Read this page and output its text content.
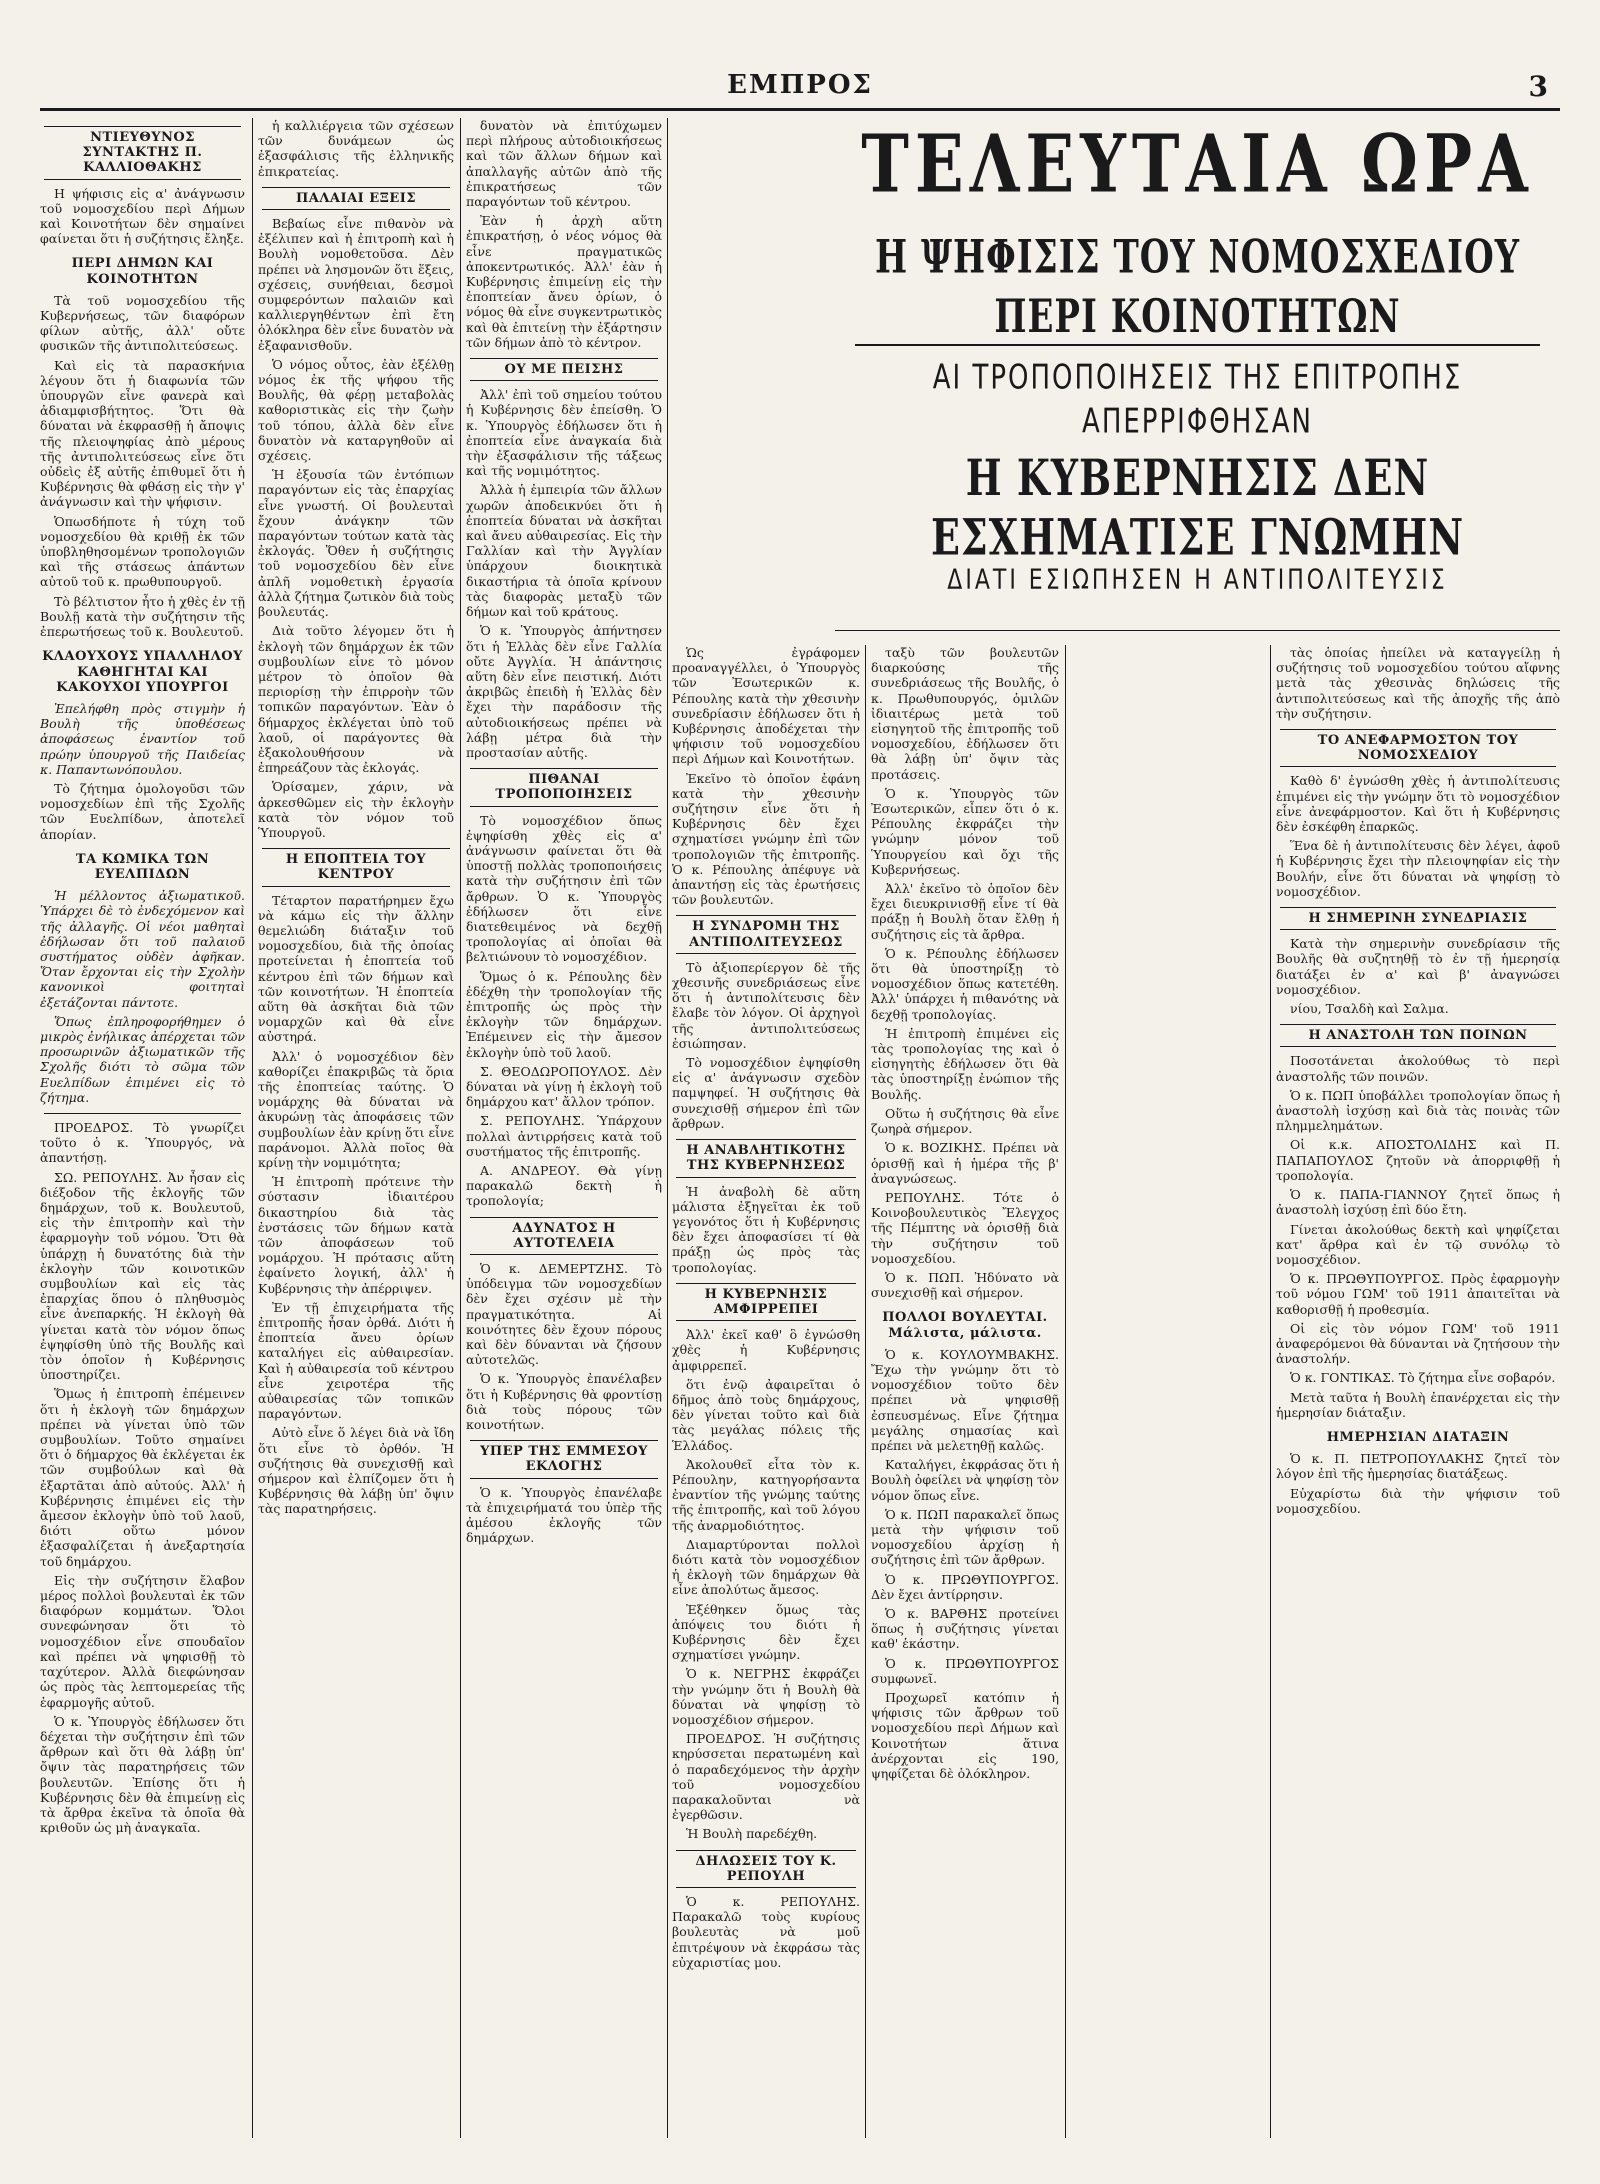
ΕΜΠΡΟΣ	3
ΤΕΛΕΥΤΑΙΑ ΩΡΑ
Η ΨΗΦΙΣΙΣ ΤΟΥ ΝΟΜΟΣΧΕΔΙΟΥ ΠΕΡΙ ΚΟΙΝΟΤΗΤΩΝ
ΑΙ ΤΡΟΠΟΠΟΙΗΣΕΙΣ ΤΗΣ ΕΠΙΤΡΟΠΗΣ ΑΠΕΡΡΙΦΘΗΣΑΝ
Η ΚΥΒΕΡΝΗΣΙΣ ΔΕΝ ΕΣΧΗΜΑΤΙΣΕ ΓΝΩΜΗΝ
ΔΙΑΤΙ ΕΣΙΩΠΗΣΕΝ Η ΑΝΤΙΠΟΛΙΤΕΥΣΙΣ
ΝΤΙΕΥΘΥΝΟΣ ΣΥΝΤΑΚΤΗΣ Π. ΚΑΛΛΙΟΘΑΚΗΣ

Η ψήφισις εἰς α' ἀνάγνωσιν τοῦ νομοσχεδίου περὶ Δήμων καὶ Κοινοτήτων δὲν σημαίνει φαίνεται ὅτι ἡ συζήτησις ἔληξε.

ΠΕΡΙ ΔΗΜΩΝ ΚΑΙ ΚΟΙΝΟΤΗΤΩΝ

Τὰ τοῦ νομοσχεδίου τῆς Κυβερνήσεως, τῶν διαφόρων φίλων αὐτῆς, ἀλλ' οὔτε φυσικῶν τῆς ἀντιπολιτεύσεως.

Καὶ εἰς τὰ παρασκήνια λέγουν ὅτι ἡ διαφωνία τῶν ὑπουργῶν εἶνε φανερὰ καὶ ἀδιαμφισβήτητος. Ὅτι θὰ δύναται νὰ ἐκφρασθῇ ἡ ἄποψις τῆς πλειοψηφίας ἀπὸ μέρους τῆς ἀντιπολιτεύσεως εἶνε ὅτι οὐδεὶς ἐξ αὐτῆς ἐπιθυμεῖ ὅτι ἡ Κυβέρνησις θὰ φθάσῃ εἰς τὴν γ' ἀνάγνωσιν καὶ τὴν ψήφισιν.

Ὁπωσδήποτε ἡ τύχη τοῦ νομοσχεδίου θὰ κριθῇ ἐκ τῶν ὑποβληθησομένων τροπολογιῶν καὶ τῆς στάσεως ἁπάντων αὐτοῦ τοῦ κ. πρωθυπουργοῦ.

Τὸ βέλτιστον ἦτο ἡ χθὲς ἐν τῇ Βουλῇ κατὰ τὴν συζήτησιν τῆς ἐπερωτήσεως τοῦ κ. Βουλευτοῦ.

ΚΛΑΟΥΧΟΥΣ ΥΠΑΛΛΗΛΟΥ ΚΑΘΗΓΗΤΑΙ ΚΑΙ ΚΑΚΟΥΧΟΙ ΥΠΟΥΡΓΟΙ

Ἐπελήφθη πρὸς στιγμὴν ἡ Βουλὴ τῆς ὑποθέσεως ἀποφάσεως ἐναντίον τοῦ πρώην ὑπουργοῦ τῆς Παιδείας κ. Παπαντωνόπουλου.

Τὸ ζήτημα ὁμολογοῦσι τῶν νομοσχεδίων ἐπὶ τῆς Σχολῆς τῶν Ευελπίδων, ἀποτελεῖ ἀπορίαν.

ΤΑ ΚΩΜΙΚΑ ΤΩΝ ΕΥΕΛΠΙΔΩΝ

Ἡ μέλλοντος ἀξιωματικοῦ. Ὑπάρχει δὲ τὸ ἐνδεχόμενον καὶ τῆς ἀλλαγῆς. Οἱ νέοι μαθηταὶ ἐδήλωσαν ὅτι τοῦ παλαιοῦ συστήματος οὐδὲν ἀφῆκαν. Ὅταν ἔρχονται εἰς τὴν Σχολὴν κανονικοὶ φοιτηταὶ ἐξετάζονται πάντοτε.

Ὅπως ἐπληροφορήθημεν ὁ μικρὸς ἐνήλικας ἀπέρχεται τῶν προσωρινῶν ἀξιωματικῶν τῆς Σχολῆς διότι τὸ σῶμα τῶν Ευελπίδων ἐπιμένει εἰς τὸ ζήτημα.

ΠΡΟΕΔΡΟΣ. Τὸ γνωρίζει τοῦτο ὁ κ. Ὑπουργός, νὰ ἀπαντήσῃ.

ΣΩ. ΡΕΠΟΥΛΗΣ. Ἀν ἦσαν εἰς διέξοδον τῆς ἐκλογῆς τῶν δημάρχων, τοῦ κ. Βουλευτοῦ, εἰς τὴν ἐπιτροπὴν καὶ τὴν ἐφαρμογὴν τοῦ νόμου. Ὅτι θὰ ὑπάρχῃ ἡ δυνατότης διὰ τὴν ἐκλογὴν τῶν κοινοτικῶν συμβουλίων καὶ εἰς τὰς ἐπαρχίας ὅπου ὁ πληθυσμὸς εἶνε ἀνεπαρκής. Ἡ ἐκλογὴ θὰ γίνεται κατὰ τὸν νόμον ὅπως ἐψηφίσθη ὑπὸ τῆς Βουλῆς καὶ τὸν ὁποῖον ἡ Κυβέρνησις ὑποστηρίζει.

Ὅμως ἡ ἐπιτροπὴ ἐπέμεινεν ὅτι ἡ ἐκλογὴ τῶν δημάρχων πρέπει νὰ γίνεται ὑπὸ τῶν συμβουλίων. Τοῦτο σημαίνει ὅτι ὁ δήμαρχος θὰ ἐκλέγεται ἐκ τῶν συμβούλων καὶ θὰ ἐξαρτᾶται ἀπὸ αὐτούς. Ἀλλ' ἡ Κυβέρνησις ἐπιμένει εἰς τὴν ἄμεσον ἐκλογὴν ὑπὸ τοῦ λαοῦ, διότι οὕτω μόνον ἐξασφαλίζεται ἡ ἀνεξαρτησία τοῦ δημάρχου.

Εἰς τὴν συζήτησιν ἔλαβον μέρος πολλοὶ βουλευταὶ ἐκ τῶν διαφόρων κομμάτων. Ὅλοι συνεφώνησαν ὅτι τὸ νομοσχέδιον εἶνε σπουδαῖον καὶ πρέπει νὰ ψηφισθῇ τὸ ταχύτερον. Ἀλλὰ διεφώνησαν ὡς πρὸς τὰς λεπτομερείας τῆς ἐφαρμογῆς αὐτοῦ.

Ὁ κ. Ὑπουργὸς ἐδήλωσεν ὅτι δέχεται τὴν συζήτησιν ἐπὶ τῶν ἄρθρων καὶ ὅτι θὰ λάβῃ ὑπ' ὄψιν τὰς παρατηρήσεις τῶν βουλευτῶν. Ἐπίσης ὅτι ἡ Κυβέρνησις δὲν θὰ ἐπιμείνῃ εἰς τὰ ἄρθρα ἐκεῖνα τὰ ὁποῖα θὰ κριθοῦν ὡς μὴ ἀναγκαῖα.

ἡ καλλιέργεια τῶν σχέσεων τῶν δυνάμεων ὡς ἐξασφάλισις τῆς ἐλληνικῆς ἐπικρατείας.

ΠΑΛΑΙΑΙ ΕΞΕΙΣ

Βεβαίως εἶνε πιθανὸν νὰ ἐξέλιπεν καὶ ἡ ἐπιτροπὴ καὶ ἡ Βουλὴ νομοθετοῦσα. Δὲν πρέπει νὰ λησμονῶν ὅτι ἕξεις, σχέσεις, συνήθειαι, δεσμοὶ συμφερόντων παλαιῶν καὶ καλλιεργηθέντων ἐπὶ ἔτη ὁλόκληρα δὲν εἶνε δυνατὸν νὰ ἐξαφανισθοῦν.

Ὁ νόμος οὗτος, ἐὰν ἐξέλθῃ νόμος ἐκ τῆς ψήφου τῆς Βουλῆς, θὰ φέρῃ μεταβολὰς καθοριστικὰς εἰς τὴν ζωὴν τοῦ τόπου, ἀλλὰ δὲν εἶνε δυνατὸν νὰ καταργηθοῦν αἱ σχέσεις.

Ἡ ἐξουσία τῶν ἐντόπιων παραγόντων εἰς τὰς ἐπαρχίας εἶνε γνωστή. Οἱ βουλευταὶ ἔχουν ἀνάγκην τῶν παραγόντων τούτων κατὰ τὰς ἐκλογάς. Ὅθεν ἡ συζήτησις τοῦ νομοσχεδίου δὲν εἶνε ἀπλῆ νομοθετικὴ ἐργασία ἀλλὰ ζήτημα ζωτικὸν διὰ τοὺς βουλευτάς.

Διὰ τοῦτο λέγομεν ὅτι ἡ ἐκλογὴ τῶν δημάρχων ἐκ τῶν συμβουλίων εἶνε τὸ μόνον μέτρον τὸ ὁποῖον θὰ περιορίσῃ τὴν ἐπιρροὴν τῶν τοπικῶν παραγόντων. Ἐὰν ὁ δήμαρχος ἐκλέγεται ὑπὸ τοῦ λαοῦ, οἱ παράγοντες θὰ ἐξακολουθήσουν νὰ ἐπηρεάζουν τὰς ἐκλογάς.

Ὁρίσαμεν, χάριν, νὰ ἀρκεσθῶμεν εἰς τὴν ἐκλογὴν κατὰ τὸν νόμον τοῦ Ὑπουργοῦ.

Η ΕΠΟΠΤΕΙΑ ΤΟΥ ΚΕΝΤΡΟΥ

Τέταρτον παρατήρημεν ἔχω νὰ κάμω εἰς τὴν ἄλλην θεμελιώδη διάταξιν τοῦ νομοσχεδίου, διὰ τῆς ὁποίας προτείνεται ἡ ἐποπτεία τοῦ κέντρου ἐπὶ τῶν δήμων καὶ τῶν κοινοτήτων. Ἡ ἐποπτεία αὕτη θὰ ἀσκῆται διὰ τῶν νομαρχῶν καὶ θὰ εἶνε αὐστηρά.

Ἀλλ' ὁ νομοσχέδιον δὲν καθορίζει ἐπακριβῶς τὰ ὅρια τῆς ἐποπτείας ταύτης. Ὁ νομάρχης θὰ δύναται νὰ ἀκυρώνῃ τὰς ἀποφάσεις τῶν συμβουλίων ἐὰν κρίνῃ ὅτι εἶνε παράνομοι. Ἀλλὰ ποῖος θὰ κρίνῃ τὴν νομιμότητα;

Ἡ ἐπιτροπὴ πρότεινε τὴν σύστασιν ἰδιαιτέρου δικαστηρίου διὰ τὰς ἐνστάσεις τῶν δήμων κατὰ τῶν ἀποφάσεων τοῦ νομάρχου. Ἡ πρότασις αὕτη ἐφαίνετο λογική, ἀλλ' ἡ Κυβέρνησις τὴν ἀπέρριψεν.

Ἐν τῇ ἐπιχειρήματα τῆς ἐπιτροπῆς ἦσαν ὀρθά. Διότι ἡ ἐποπτεία ἄνευ ὁρίων καταλήγει εἰς αὐθαιρεσίαν. Καὶ ἡ αὐθαιρεσία τοῦ κέντρου εἶνε χειροτέρα τῆς αὐθαιρεσίας τῶν τοπικῶν παραγόντων.

Αὐτὸ εἶνε ὅ λέγει διὰ νὰ ἴδη ὅτι εἶνε τὸ ὀρθόν. Ἡ συζήτησις θὰ συνεχισθῇ καὶ σήμερον καὶ ἐλπίζομεν ὅτι ἡ Κυβέρνησις θὰ λάβῃ ὑπ' ὄψιν τὰς παρατηρήσεις.

δυνατὸν νὰ ἐπιτύχωμεν περὶ πλήρους αὐτοδιοικήσεως καὶ τῶν ἄλλων δήμων καὶ ἀπαλλαγῆς αὐτῶν ἀπὸ τῆς ἐπικρατήσεως τῶν παραγόντων τοῦ κέντρου.

Ἐὰν ἡ ἀρχὴ αὕτη ἐπικρατήσῃ, ὁ νέος νόμος θὰ εἶνε πραγματικῶς ἀποκεντρωτικός. Ἀλλ' ἐὰν ἡ Κυβέρνησις ἐπιμείνῃ εἰς τὴν ἐποπτείαν ἄνευ ὁρίων, ὁ νόμος θὰ εἶνε συγκεντρωτικὸς καὶ θὰ ἐπιτείνῃ τὴν ἐξάρτησιν τῶν δήμων ἀπὸ τὸ κέντρον.

ΟΥ ΜΕ ΠΕΙΣΗΣ

Ἀλλ' ἐπὶ τοῦ σημείου τούτου ἡ Κυβέρνησις δὲν ἐπείσθη. Ὁ κ. Ὑπουργὸς ἐδήλωσεν ὅτι ἡ ἐποπτεία εἶνε ἀναγκαία διὰ τὴν ἐξασφάλισιν τῆς τάξεως καὶ τῆς νομιμότητος.

Ἀλλὰ ἡ ἐμπειρία τῶν ἄλλων χωρῶν ἀποδεικνύει ὅτι ἡ ἐποπτεία δύναται νὰ ἀσκῆται καὶ ἄνευ αὐθαιρεσίας. Εἰς τὴν Γαλλίαν καὶ τὴν Ἀγγλίαν ὑπάρχουν διοικητικὰ δικαστήρια τὰ ὁποῖα κρίνουν τὰς διαφορὰς μεταξὺ τῶν δήμων καὶ τοῦ κράτους.

Ὁ κ. Ὑπουργὸς ἀπήντησεν ὅτι ἡ Ἑλλὰς δὲν εἶνε Γαλλία οὔτε Ἀγγλία. Ἡ ἀπάντησις αὕτη δὲν εἶνε πειστική. Διότι ἀκριβῶς ἐπειδὴ ἡ Ἑλλὰς δὲν ἔχει τὴν παράδοσιν τῆς αὐτοδιοικήσεως πρέπει νὰ λάβῃ μέτρα διὰ τὴν προστασίαν αὐτῆς.

ΠΙΘΑΝΑΙ ΤΡΟΠΟΠΟΙΗΣΕΙΣ

Τὸ νομοσχέδιον ὅπως ἐψηφίσθη χθὲς εἰς α' ἀνάγνωσιν φαίνεται ὅτι θὰ ὑποστῇ πολλὰς τροποποιήσεις κατὰ τὴν συζήτησιν ἐπὶ τῶν ἄρθρων. Ὁ κ. Ὑπουργὸς ἐδήλωσεν ὅτι εἶνε διατεθειμένος νὰ δεχθῇ τροπολογίας αἱ ὁποῖαι θὰ βελτιώνουν τὸ νομοσχέδιον.

Ὅμως ὁ κ. Ρέπουλης δὲν ἐδέχθη τὴν τροπολογίαν τῆς ἐπιτροπῆς ὡς πρὸς τὴν ἐκλογὴν τῶν δημάρχων. Ἐπέμεινεν εἰς τὴν ἄμεσον ἐκλογὴν ὑπὸ τοῦ λαοῦ.

Σ. ΘΕΟΔΩΡΟΠΟΥΛΟΣ. Δὲν δύναται νὰ γίνῃ ἡ ἐκλογὴ τοῦ δημάρχου κατ' ἄλλον τρόπον.

Σ. ΡΕΠΟΥΛΗΣ. Ὑπάρχουν πολλαὶ ἀντιρρήσεις κατὰ τοῦ συστήματος τῆς ἐπιτροπῆς.

Α. ΑΝΔΡΕΟΥ. Θὰ γίνῃ παρακαλῶ δεκτὴ ἡ τροπολογία;

ΑΔΥΝΑΤΟΣ Η ΑΥΤΟΤΕΛΕΙΑ

Ὁ κ. ΔΕΜΕΡΤΖΗΣ. Τὸ ὑπόδειγμα τῶν νομοσχεδίων δὲν ἔχει σχέσιν μὲ τὴν πραγματικότητα. Αἱ κοινότητες δὲν ἔχουν πόρους καὶ δὲν δύνανται νὰ ζήσουν αὐτοτελῶς.

Ὁ κ. Ὑπουργὸς ἐπανέλαβεν ὅτι ἡ Κυβέρνησις θὰ φροντίσῃ διὰ τοὺς πόρους τῶν κοινοτήτων.

ΥΠΕΡ ΤΗΣ ΕΜΜΕΣΟΥ ΕΚΛΟΓΗΣ

Ὁ κ. Ὑπουργὸς ἐπανέλαβε τὰ ἐπιχειρήματά του ὑπὲρ τῆς ἀμέσου ἐκλογῆς τῶν δημάρχων.

Ὡς ἐγράφομεν προαναγγέλλει, ὁ Ὑπουργὸς τῶν Ἐσωτερικῶν κ. Ρέπουλης κατὰ τὴν χθεσινὴν συνεδρίασιν ἐδήλωσεν ὅτι ἡ Κυβέρνησις ἀποδέχεται τὴν ψήφισιν τοῦ νομοσχεδίου περὶ Δήμων καὶ Κοινοτήτων.

Ἐκεῖνο τὸ ὁποῖον ἐφάνη κατὰ τὴν χθεσινὴν συζήτησιν εἶνε ὅτι ἡ Κυβέρνησις δὲν ἔχει σχηματίσει γνώμην ἐπὶ τῶν τροπολογιῶν τῆς ἐπιτροπῆς. Ὁ κ. Ρέπουλης ἀπέφυγε νὰ ἀπαντήσῃ εἰς τὰς ἐρωτήσεις τῶν βουλευτῶν.

Η ΣΥΝΔΡΟΜΗ ΤΗΣ ΑΝΤΙΠΟΛΙΤΕΥΣΕΩΣ

Τὸ ἀξιοπερίεργον δὲ τῆς χθεσινῆς συνεδριάσεως εἶνε ὅτι ἡ ἀντιπολίτευσις δὲν ἔλαβε τὸν λόγον. Οἱ ἀρχηγοὶ τῆς ἀντιπολιτεύσεως ἐσιώπησαν.

Τὸ νομοσχέδιον ἐψηφίσθη εἰς α' ἀνάγνωσιν σχεδὸν παμψηφεί. Ἡ συζήτησις θὰ συνεχισθῇ σήμερον ἐπὶ τῶν ἄρθρων.

Η ΑΝΑΒΛΗΤΙΚΟΤΗΣ ΤΗΣ ΚΥΒΕΡΝΗΣΕΩΣ

Ἡ ἀναβολὴ δὲ αὕτη μάλιστα ἐξηγεῖται ἐκ τοῦ γεγονότος ὅτι ἡ Κυβέρνησις δὲν ἔχει ἀποφασίσει τί θὰ πράξῃ ὡς πρὸς τὰς τροπολογίας.

Η ΚΥΒΕΡΝΗΣΙΣ ΑΜΦΙΡΡΕΠΕΙ

Ἀλλ' ἐκεῖ καθ' ὃ ἐγνώσθη χθὲς ἡ Κυβέρνησις ἀμφιρρεπεῖ.

ὅτι ἐνῷ ἀφαιρεῖται ὁ δῆμος ἀπὸ τοὺς δημάρχους, δὲν γίνεται τοῦτο καὶ διὰ τὰς μεγάλας πόλεις τῆς Ἑλλάδος.

Ἀκολουθεῖ εἶτα τὸν κ. Ρέπουλην, κατηγορήσαντα ἐναντίον τῆς γνώμης ταύτης τῆς ἐπιτροπῆς, καὶ τοῦ λόγου τῆς ἀναρμοδιότητος.

Διαμαρτύρονται πολλοὶ διότι κατὰ τὸν νομοσχέδιον ἡ ἐκλογὴ τῶν δημάρχων θὰ εἶνε ἀπολύτως ἄμεσος.

Ἐξέθηκεν ὅμως τὰς ἀπόψεις του διότι ἡ Κυβέρνησις δὲν ἔχει σχηματίσει γνώμην.

Ὁ κ. ΝΕΓΡΗΣ ἐκφράζει τὴν γνώμην ὅτι ἡ Βουλὴ θὰ δύναται νὰ ψηφίσῃ τὸ νομοσχέδιον σήμερον.

ΠΡΟΕΔΡΟΣ. Ἡ συζήτησις κηρύσσεται περατωμένη καὶ ὁ παραδεχόμενος τὴν ἀρχὴν τοῦ νομοσχεδίου παρακαλοῦνται νὰ ἐγερθῶσιν.

Ἡ Βουλὴ παρεδέχθη.

ΔΗΛΩΣΕΙΣ ΤΟΥ Κ. ΡΕΠΟΥΛΗ

Ὁ κ. ΡΕΠΟΥΛΗΣ. Παρακαλῶ τοὺς κυρίους βουλευτὰς νὰ μοῦ ἐπιτρέψουν νὰ ἐκφράσω τὰς εὐχαριστίας μου.

ταξὺ τῶν βουλευτῶν διαρκούσης τῆς συνεδριάσεως τῆς Βουλῆς, ὁ κ. Πρωθυπουργός, ὁμιλῶν ἰδιαιτέρως μετὰ τοῦ εἰσηγητοῦ τῆς ἐπιτροπῆς τοῦ νομοσχεδίου, ἐδήλωσεν ὅτι θὰ λάβῃ ὑπ' ὄψιν τὰς προτάσεις.

Ὁ κ. Ὑπουργὸς τῶν Ἐσωτερικῶν, εἶπεν ὅτι ὁ κ. Ρέπουλης ἐκφράζει τὴν γνώμην μόνον τοῦ Ὑπουργείου καὶ ὄχι τῆς Κυβερνήσεως.

Ἀλλ' ἐκεῖνο τὸ ὁποῖον δὲν ἔχει διευκρινισθῇ εἶνε τί θὰ πράξῃ ἡ Βουλὴ ὅταν ἔλθῃ ἡ συζήτησις εἰς τὰ ἄρθρα.

Ὁ κ. Ρέπουλης ἐδήλωσεν ὅτι θὰ ὑποστηρίξῃ τὸ νομοσχέδιον ὅπως κατετέθη. Ἀλλ' ὑπάρχει ἡ πιθανότης νὰ δεχθῇ τροπολογίας.

Ἡ ἐπιτροπὴ ἐπιμένει εἰς τὰς τροπολογίας της καὶ ὁ εἰσηγητὴς ἐδήλωσεν ὅτι θὰ τὰς ὑποστηρίξῃ ἐνώπιον τῆς Βουλῆς.

Οὕτω ἡ συζήτησις θὰ εἶνε ζωηρὰ σήμερον.

Ὁ κ. ΒΟΖΙΚΗΣ. Πρέπει νὰ ὁρισθῇ καὶ ἡ ἡμέρα τῆς β' ἀναγνώσεως.

ΡΕΠΟΥΛΗΣ. Τότε ὁ Κοινοβουλευτικὸς Ἔλεγχος τῆς Πέμπτης νὰ ὁρισθῇ διὰ τὴν συζήτησιν τοῦ νομοσχεδίου.

Ὁ κ. ΠΩΠ. Ἠδύνατο νὰ συνεχισθῇ καὶ σήμερον.

ΠΟΛΛΟΙ ΒΟΥΛΕΥΤΑΙ. Μάλιστα, μάλιστα.

Ὁ κ. ΚΟΥΛΟΥΜΒΑΚΗΣ. Ἔχω τὴν γνώμην ὅτι τὸ νομοσχέδιον τοῦτο δὲν πρέπει νὰ ψηφισθῇ ἐσπευσμένως. Εἶνε ζήτημα μεγάλης σημασίας καὶ πρέπει νὰ μελετηθῇ καλῶς.

Καταλήγει, ἐκφράσας ὅτι ἡ Βουλὴ ὀφείλει νὰ ψηφίσῃ τὸν νόμον ὅπως εἶνε.

Ὁ κ. ΠΩΠ παρακαλεῖ ὅπως μετὰ τὴν ψήφισιν τοῦ νομοσχεδίου ἀρχίσῃ ἡ συζήτησις ἐπὶ τῶν ἄρθρων.

Ὁ κ. ΠΡΩΘΥΠΟΥΡΓΟΣ. Δὲν ἔχει ἀντίρρησιν.

Ὁ κ. ΒΑΡΘΗΣ προτείνει ὅπως ἡ συζήτησις γίνεται καθ' ἑκάστην.

Ὁ κ. ΠΡΩΘΥΠΟΥΡΓΟΣ συμφωνεῖ.

Προχωρεῖ κατόπιν ἡ ψήφισις τῶν ἄρθρων τοῦ νομοσχεδίου περὶ Δήμων καὶ Κοινοτήτων ἅτινα ἀνέρχονται εἰς 190, ψηφίζεται δὲ ὁλόκληρον.

τὰς ὁποίας ἠπείλει νὰ καταγγείλῃ ἡ συζήτησις τοῦ νομοσχεδίου τούτου αἴφνης μετὰ τὰς χθεσινὰς δηλώσεις τῆς ἀντιπολιτεύσεως καὶ τῆς ἀποχῆς τῆς ἀπὸ τὴν συζήτησιν.

ΤΟ ΑΝΕΦΑΡΜΟΣΤΟΝ ΤΟΥ ΝΟΜΟΣΧΕΔΙΟΥ

Καθὸ δ' ἐγνώσθη χθὲς ἡ ἀντιπολίτευσις ἐπιμένει εἰς τὴν γνώμην ὅτι τὸ νομοσχέδιον εἶνε ἀνεφάρμοστον. Καὶ ὅτι ἡ Κυβέρνησις δὲν ἐσκέφθη ἐπαρκῶς.

Ἕνα δὲ ἡ ἀντιπολίτευσις δὲν λέγει, ἀφοῦ ἡ Κυβέρνησις ἔχει τὴν πλειοψηφίαν εἰς τὴν Βουλήν, εἶνε ὅτι δύναται νὰ ψηφίσῃ τὸ νομοσχέδιον.

Η ΣΗΜΕΡΙΝΗ ΣΥΝΕΔΡΙΑΣΙΣ

Κατὰ τὴν σημερινὴν συνεδρίασιν τῆς Βουλῆς θὰ συζητηθῇ τὸ ἐν τῇ ἡμερησίᾳ διατάξει ἐν α' καὶ β' ἀναγνώσει νομοσχέδιον.

νίου, Τσαλδὴ καὶ Σαλμα.

Η ΑΝΑΣΤΟΛΗ ΤΩΝ ΠΟΙΝΩΝ

Ποσοτάνεται ἀκολούθως τὸ περὶ ἀναστολῆς τῶν ποινῶν.

Ὁ κ. ΠΩΠ ὑποβάλλει τροπολογίαν ὅπως ἡ ἀναστολὴ ἰσχύσῃ καὶ διὰ τὰς ποινὰς τῶν πλημμελημάτων.

Οἱ κ.κ. ΑΠΟΣΤΟΛΙΔΗΣ καὶ Π. ΠΑΠΑΠΟΥΛΟΣ ζητοῦν νὰ ἀπορριφθῇ ἡ τροπολογία.

Ὁ κ. ΠΑΠΑ-ΓΙΑΝΝΟΥ ζητεῖ ὅπως ἡ ἀναστολὴ ἰσχύσῃ ἐπὶ δύο ἔτη.

Γίνεται ἀκολούθως δεκτὴ καὶ ψηφίζεται κατ' ἄρθρα καὶ ἐν τῷ συνόλῳ τὸ νομοσχέδιον.

Ὁ κ. ΠΡΩΘΥΠΟΥΡΓΟΣ. Πρὸς ἐφαρμογὴν τοῦ νόμου ΓΩΜ' τοῦ 1911 ἀπαιτεῖται νὰ καθορισθῇ ἡ προθεσμία.

Οἱ εἰς τὸν νόμον ΓΩΜ' τοῦ 1911 ἀναφερόμενοι θὰ δύνανται νὰ ζητήσουν τὴν ἀναστολήν.

Ὁ κ. ΓΟΝΤΙΚΑΣ. Τὸ ζήτημα εἶνε σοβαρόν.

Μετὰ ταῦτα ἡ Βουλὴ ἐπανέρχεται εἰς τὴν ἡμερησίαν διάταξιν.

ΗΜΕΡΗΣΙΑΝ ΔΙΑΤΑΞΙΝ

Ὁ κ. Π. ΠΕΤΡΟΠΟΥΛΑΚΗΣ ζητεῖ τὸν λόγον ἐπὶ τῆς ἡμερησίας διατάξεως.

Εὐχαρίστω διὰ τὴν ψήφισιν τοῦ νομοσχεδίου.
